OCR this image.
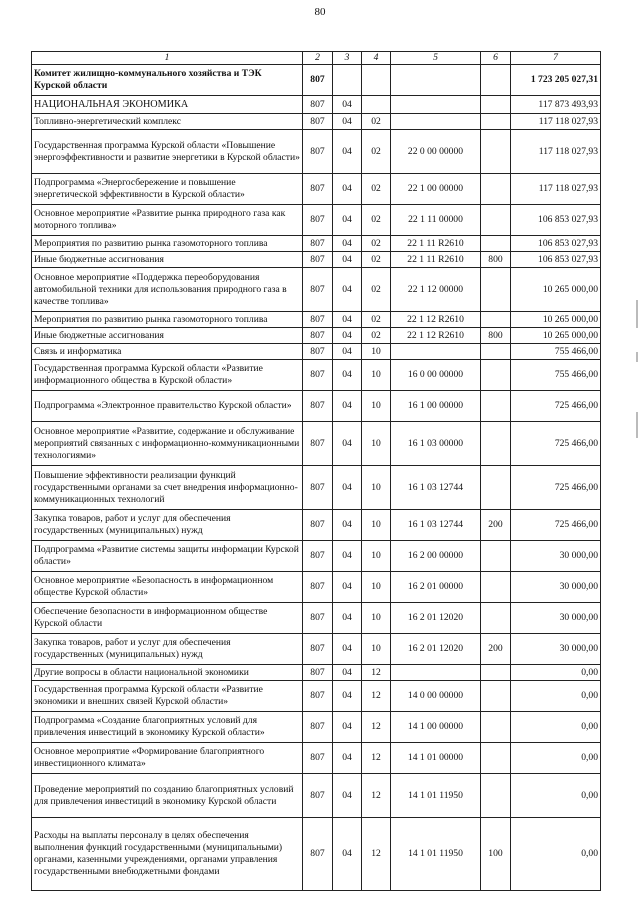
80
1	2	3	4	5	6	7
Комитет жилищно-коммунального хозяйства и ТЭК Курской области	807					1 723 205 027,31
НАЦИОНАЛЬНАЯ ЭКОНОМИКА	807	04				117 873 493,93
Топливно-энергетический комплекс	807	04	02			117 118 027,93
Государственная программа Курской области «Повышение энергоэффективности и развитие энергетики в Курской области»	807	04	02	22 0 00 00000		117 118 027,93
Подпрограмма «Энергосбережение и повышение энергетической эффективности в Курской области»	807	04	02	22 1 00 00000		117 118 027,93
Основное мероприятие «Развитие рынка природного газа как моторного топлива»	807	04	02	22 1 11 00000		106 853 027,93
Мероприятия по развитию рынка газомоторного топлива	807	04	02	22 1 11 R2610		106 853 027,93
Иные бюджетные ассигнования	807	04	02	22 1 11 R2610	800	106 853 027,93
Основное мероприятие «Поддержка переоборудования автомобильной техники для использования природного газа в качестве топлива»	807	04	02	22 1 12 00000		10 265 000,00
Мероприятия по развитию рынка газомоторного топлива	807	04	02	22 1 12 R2610		10 265 000,00
Иные бюджетные ассигнования	807	04	02	22 1 12 R2610	800	10 265 000,00
Связь и информатика	807	04	10			755 466,00
Государственная программа Курской области «Развитие информационного общества в Курской области»	807	04	10	16 0 00 00000		755 466,00
Подпрограмма «Электронное правительство Курской области»	807	04	10	16 1 00 00000		725 466,00
Основное мероприятие «Развитие, содержание и обслуживание мероприятий связанных с информационно-коммуникационными технологиями»	807	04	10	16 1 03 00000		725 466,00
Повышение эффективности реализации функций государственными органами за счет внедрения информационно-коммуникационных технологий	807	04	10	16 1 03 12744		725 466,00
Закупка товаров, работ и услуг для обеспечения государственных (муниципальных) нужд	807	04	10	16 1 03 12744	200	725 466,00
Подпрограмма «Развитие системы защиты информации Курской области»	807	04	10	16 2 00 00000		30 000,00
Основное мероприятие «Безопасность в информационном обществе Курской области»	807	04	10	16 2 01 00000		30 000,00
Обеспечение безопасности в информационном обществе Курской области	807	04	10	16 2 01 12020		30 000,00
Закупка товаров, работ и услуг для обеспечения государственных (муниципальных) нужд	807	04	10	16 2 01 12020	200	30 000,00
Другие вопросы в области национальной экономики	807	04	12			0,00
Государственная программа Курской области «Развитие экономики и внешних связей Курской области»	807	04	12	14 0 00 00000		0,00
Подпрограмма «Создание благоприятных условий для привлечения инвестиций в экономику Курской области»	807	04	12	14 1 00 00000		0,00
Основное мероприятие «Формирование благоприятного инвестиционного климата»	807	04	12	14 1 01 00000		0,00
Проведение мероприятий по созданию благоприятных условий для привлечения инвестиций в экономику Курской области	807	04	12	14 1 01 11950		0,00
Расходы на выплаты персоналу в целях обеспечения выполнения функций государственными (муниципальными) органами, казенными учреждениями, органами управления государственными внебюджетными фондами	807	04	12	14 1 01 11950	100	0,00
